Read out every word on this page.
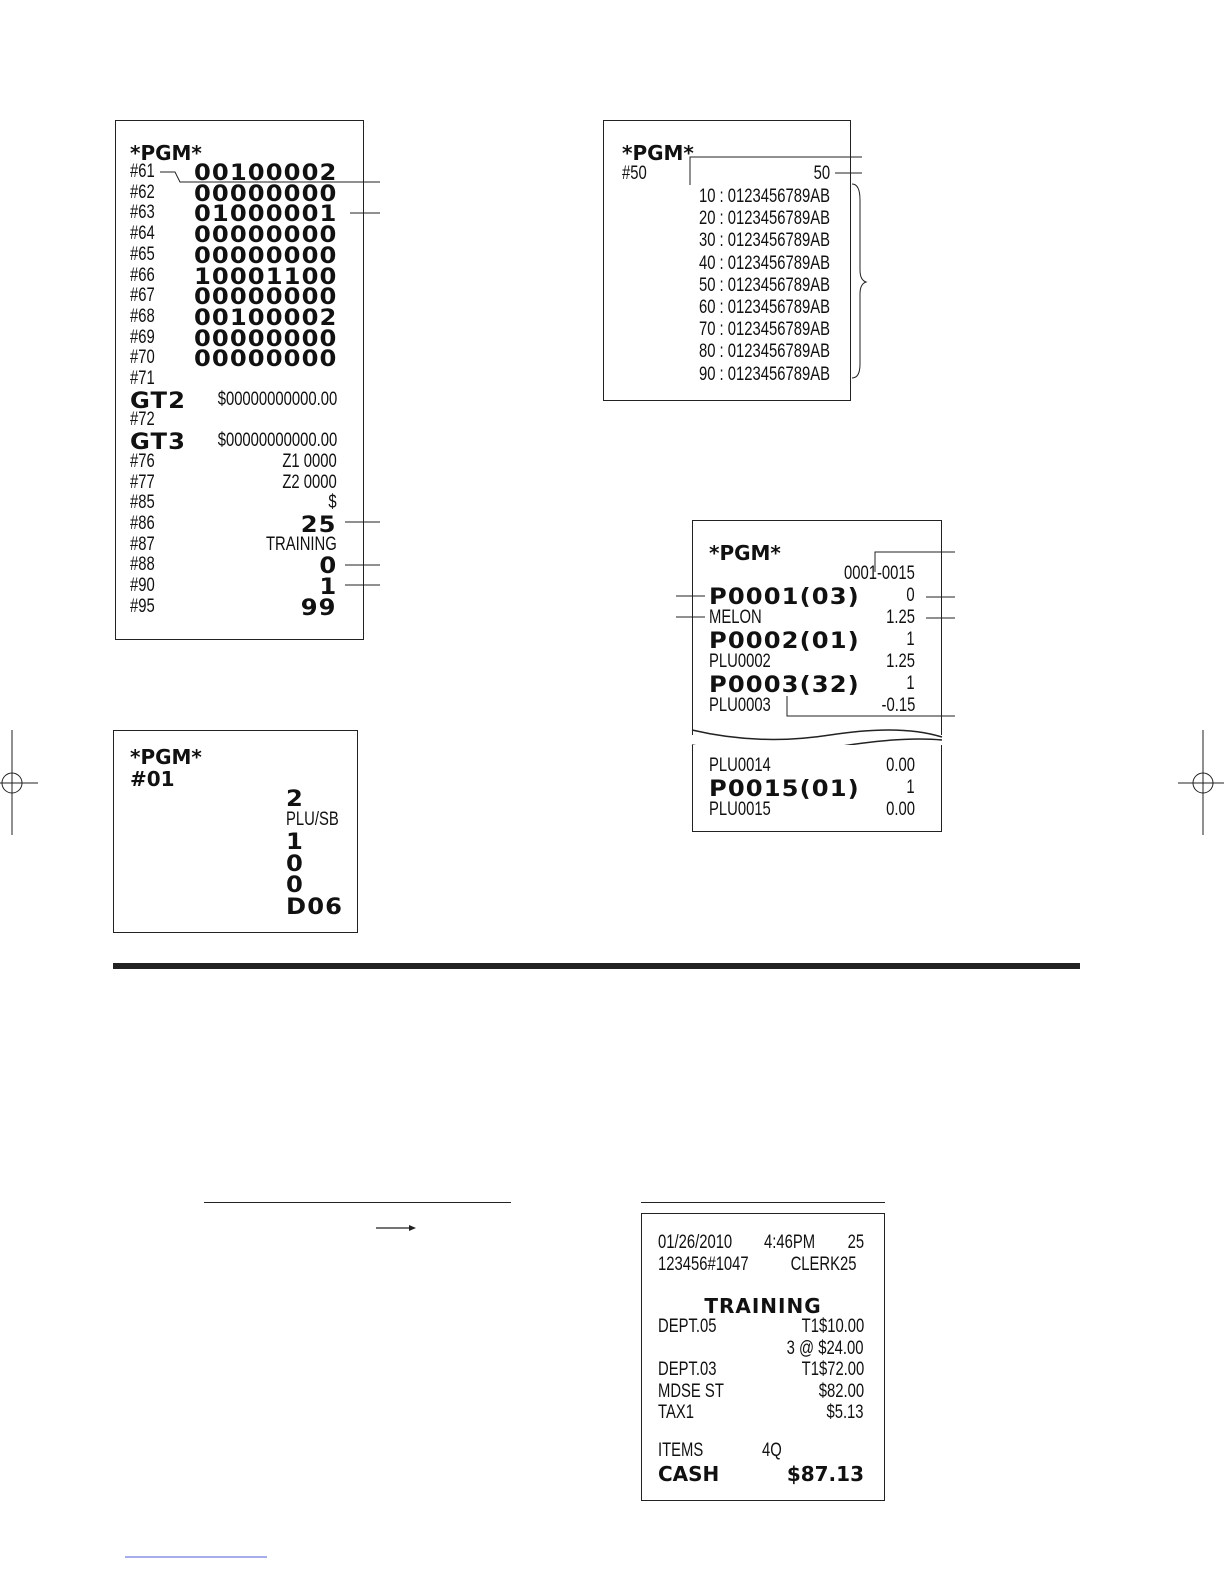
*PGM*
#61 00100002
#62 00000000
#63 01000001
#64 00000000
#65 00000000
#66 10001100
#67 00000000
#68 00100002
#69 00000000
#70 00000000
#71
GT2 $00000000000.00
#72
GT3 $00000000000.00
#76	Z1 0000
#77	Z2 0000
#85	$
#86	25
#87	TRAINING
#88	0
#90	1
#95	99
*PGM*
#50	50
10 : 0123456789AB
20 : 0123456789AB
30 : 0123456789AB
40 : 0123456789AB
50 : 0123456789AB
60 : 0123456789AB
70 : 0123456789AB
80 : 0123456789AB
90 : 0123456789AB
*PGM*
0001-0015
P0001(03) 0
MELON	1.25
P0002(01) 1
PLU0002	1.25
P0003(32) 1
PLU0003	-0.15
PLU0014	0.00
P0015(01) 1
PLU0015	0.00
*PGM*
#01
2
PLU/SB
1
0
0
D06
01/26/2010 4:46PM 25
123456#1047 CLERK25
TRAINING
DEPT.05	T1$10.00
3 @ $24.00
DEPT.03	T1$72.00
MDSE ST	$82.00
TAX1	$5.13
ITEMS	4Q
CASH	$87.13
